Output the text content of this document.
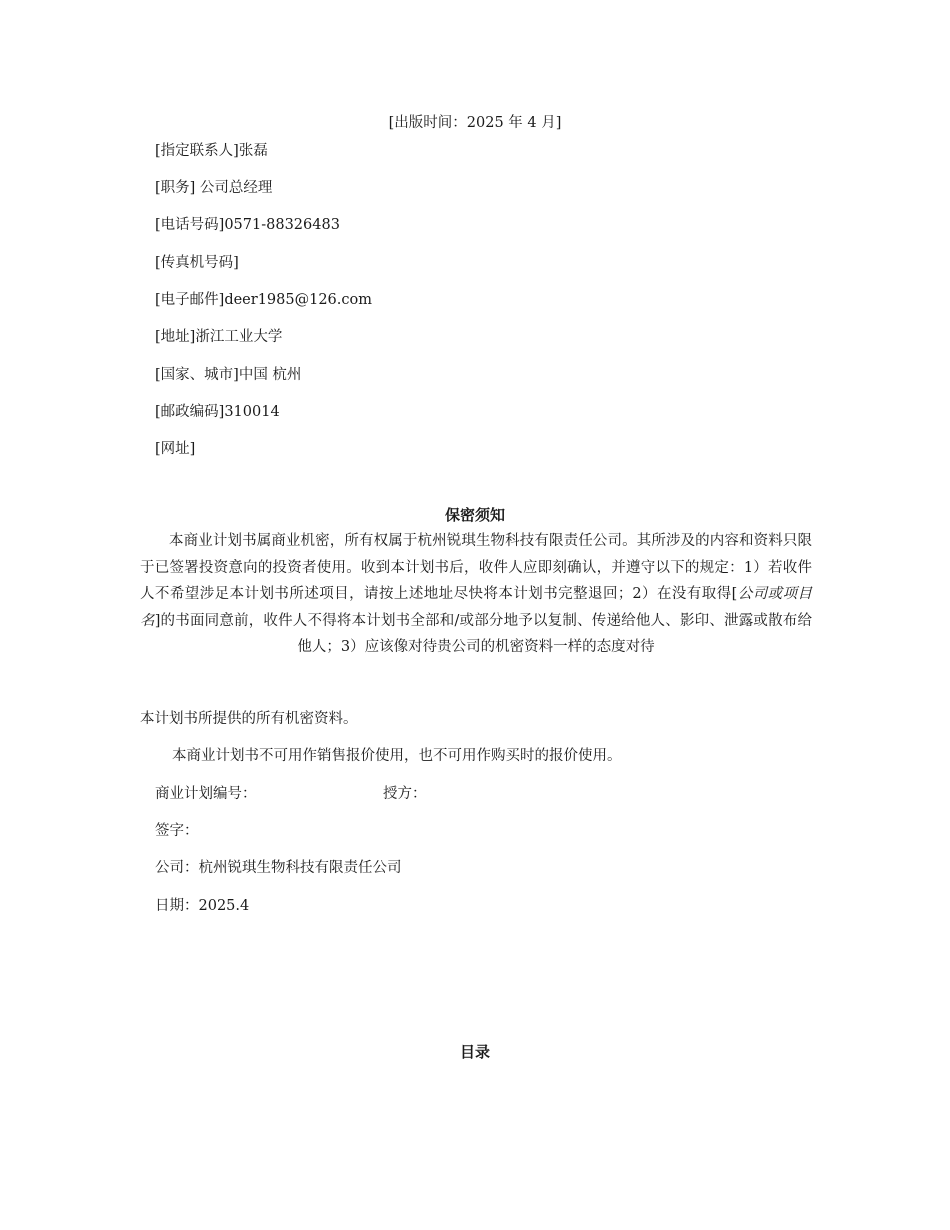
[出版时间：2025 年 4 月]
[指定联系人]张磊
[职务] 公司总经理
[电话号码]0571-88326483
[传真机号码]
[电子邮件]deer1985@126.com
[地址]浙江工业大学
[国家、城市]中国 杭州
[邮政编码]310014
[网址]
保密须知
本商业计划书属商业机密，所有权属于杭州锐琪生物科技有限责任公司。其所涉及的内容和资料只限于已签署投资意向的投资者使用。收到本计划书后，收件人应即刻确认，并遵守以下的规定：1）若收件人不希望涉足本计划书所述项目，请按上述地址尽快将本计划书完整退回；2）在没有取得[公司或项目名]的书面同意前，收件人不得将本计划书全部和/或部分地予以复制、传递给他人、影印、泄露或散布给他人；3）应该像对待贵公司的机密资料一样的态度对待
本计划书所提供的所有机密资料。
本商业计划书不可用作销售报价使用，也不可用作购买时的报价使用。
商业计划编号：	授方：
签字：
公司：杭州锐琪生物科技有限责任公司
日期：2025.4
目录
